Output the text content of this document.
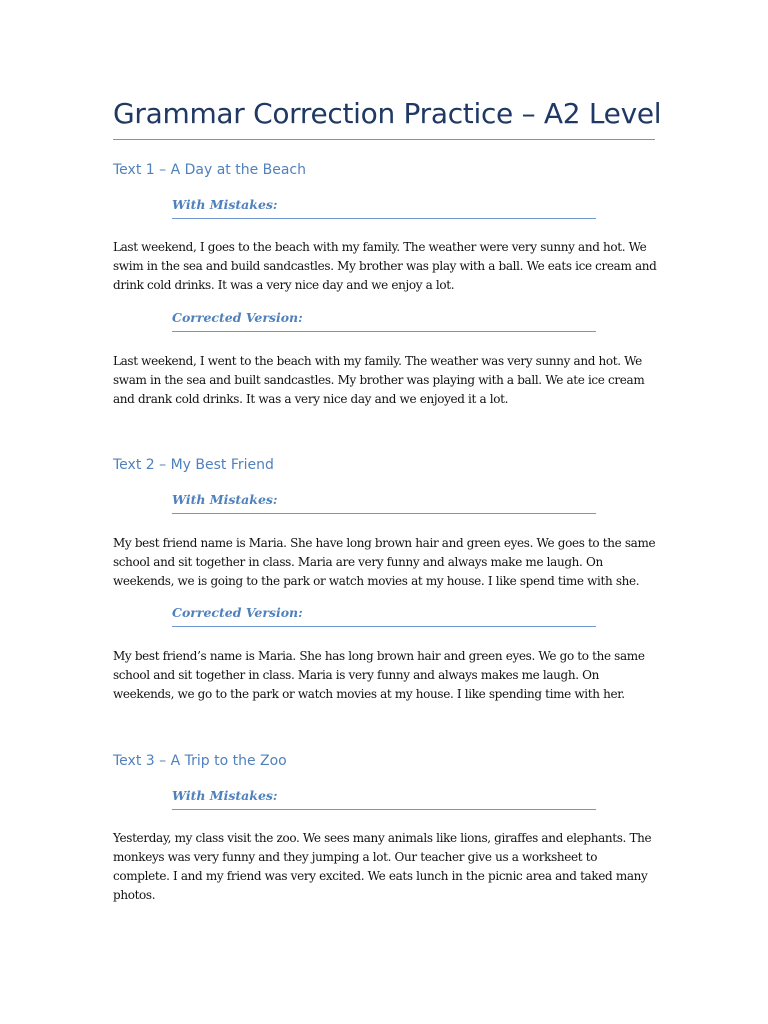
Grammar Correction Practice – A2 Level
Text 1 – A Day at the Beach
With Mistakes:
Last weekend, I goes to the beach with my family. The weather were very sunny and hot. We swim in the sea and build sandcastles. My brother was play with a ball. We eats ice cream and drink cold drinks. It was a very nice day and we enjoy a lot.
Corrected Version:
Last weekend, I went to the beach with my family. The weather was very sunny and hot. We swam in the sea and built sandcastles. My brother was playing with a ball. We ate ice cream and drank cold drinks. It was a very nice day and we enjoyed it a lot.
Text 2 – My Best Friend
With Mistakes:
My best friend name is Maria. She have long brown hair and green eyes. We goes to the same school and sit together in class. Maria are very funny and always make me laugh. On weekends, we is going to the park or watch movies at my house. I like spend time with she.
Corrected Version:
My best friend’s name is Maria. She has long brown hair and green eyes. We go to the same school and sit together in class. Maria is very funny and always makes me laugh. On weekends, we go to the park or watch movies at my house. I like spending time with her.
Text 3 – A Trip to the Zoo
With Mistakes:
Yesterday, my class visit the zoo. We sees many animals like lions, giraffes and elephants. The monkeys was very funny and they jumping a lot. Our teacher give us a worksheet to complete. I and my friend was very excited. We eats lunch in the picnic area and taked many photos.
